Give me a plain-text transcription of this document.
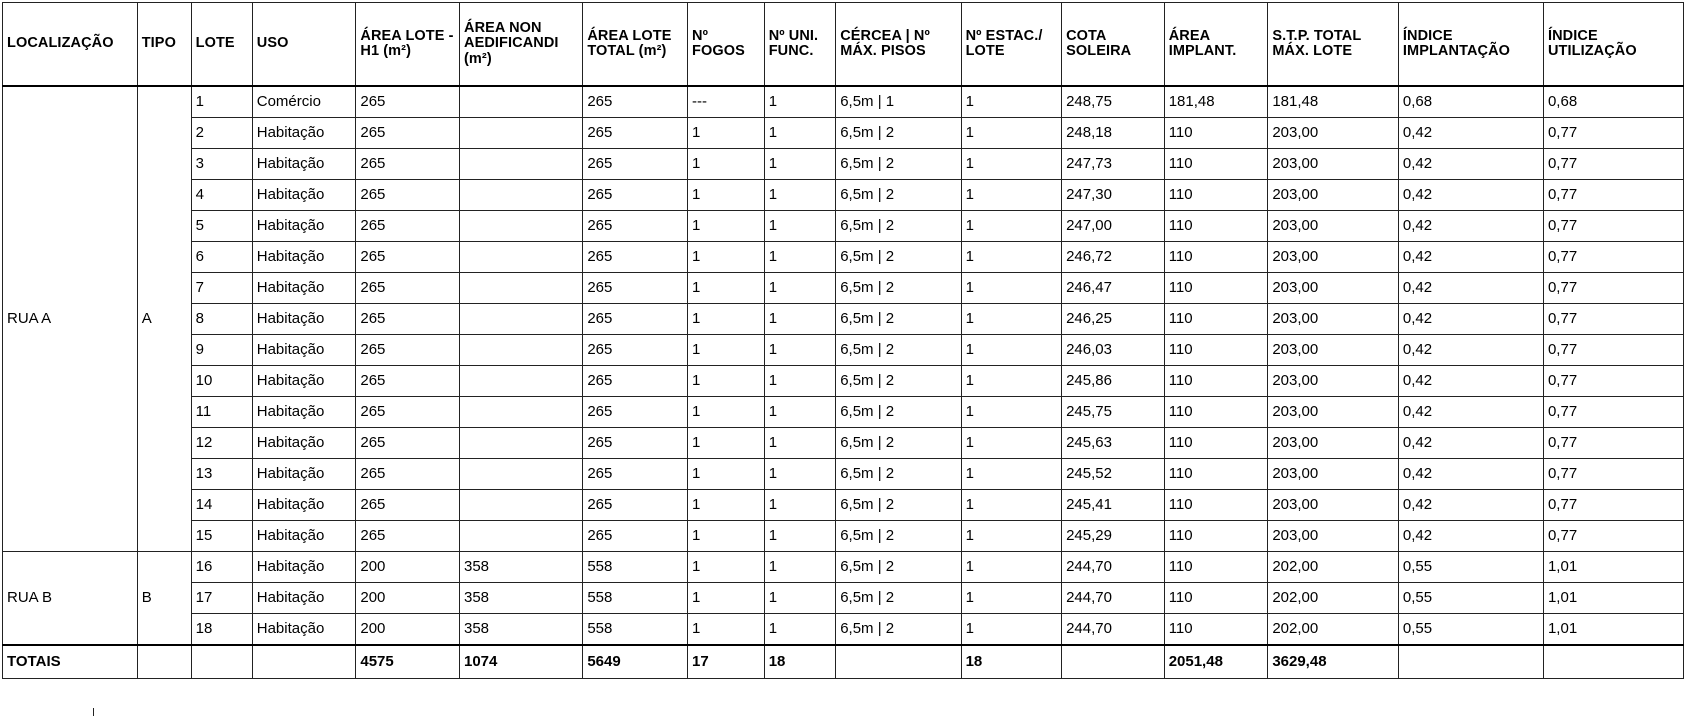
LOCALIZAÇÃO	TIPO	LOTE	USO	ÁREA LOTE - H1 (m²)	ÁREA NON AEDIFICANDI (m²)	ÁREA LOTE TOTAL (m²)	Nº FOGOS	Nº UNI. FUNC.	CÉRCEA | Nº MÁX. PISOS	Nº ESTAC./ LOTE	COTA SOLEIRA	ÁREA IMPLANT.	S.T.P. TOTAL MÁX. LOTE	ÍNDICE IMPLANTAÇÃO	ÍNDICE UTILIZAÇÃO
RUA A	A	1	Comércio	265		265	---	1	6,5m | 1	1	248,75	181,48	181,48	0,68	0,68
		2	Habitação	265		265	1	1	6,5m | 2	1	248,18	110	203,00	0,42	0,77
		3	Habitação	265		265	1	1	6,5m | 2	1	247,73	110	203,00	0,42	0,77
		4	Habitação	265		265	1	1	6,5m | 2	1	247,30	110	203,00	0,42	0,77
		5	Habitação	265		265	1	1	6,5m | 2	1	247,00	110	203,00	0,42	0,77
		6	Habitação	265		265	1	1	6,5m | 2	1	246,72	110	203,00	0,42	0,77
		7	Habitação	265		265	1	1	6,5m | 2	1	246,47	110	203,00	0,42	0,77
		8	Habitação	265		265	1	1	6,5m | 2	1	246,25	110	203,00	0,42	0,77
		9	Habitação	265		265	1	1	6,5m | 2	1	246,03	110	203,00	0,42	0,77
		10	Habitação	265		265	1	1	6,5m | 2	1	245,86	110	203,00	0,42	0,77
		11	Habitação	265		265	1	1	6,5m | 2	1	245,75	110	203,00	0,42	0,77
		12	Habitação	265		265	1	1	6,5m | 2	1	245,63	110	203,00	0,42	0,77
		13	Habitação	265		265	1	1	6,5m | 2	1	245,52	110	203,00	0,42	0,77
		14	Habitação	265		265	1	1	6,5m | 2	1	245,41	110	203,00	0,42	0,77
		15	Habitação	265		265	1	1	6,5m | 2	1	245,29	110	203,00	0,42	0,77
RUA B	B	16	Habitação	200	358	558	1	1	6,5m | 2	1	244,70	110	202,00	0,55	1,01
		17	Habitação	200	358	558	1	1	6,5m | 2	1	244,70	110	202,00	0,55	1,01
		18	Habitação	200	358	558	1	1	6,5m | 2	1	244,70	110	202,00	0,55	1,01
TOTAIS				4575	1074	5649	17	18		18		2051,48	3629,48		
